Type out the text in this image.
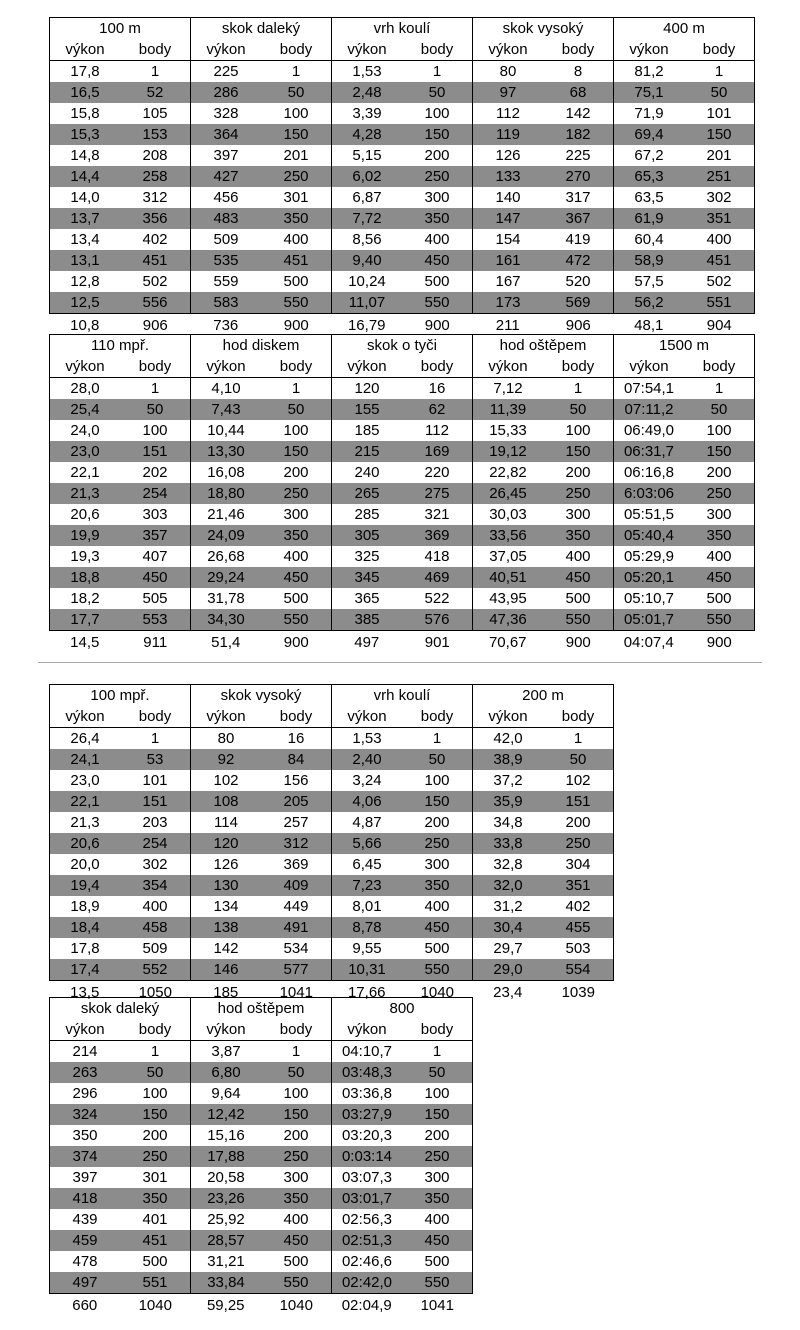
100 m		skok daleký		vrh koulí		skok vysoký		400 m	
výkon	body	výkon	body	výkon	body	výkon	body	výkon	body
17,8	1	225	1	1,53	1	80	8	81,2	1
16,5	52	286	50	2,48	50	97	68	75,1	50
15,8	105	328	100	3,39	100	112	142	71,9	101
15,3	153	364	150	4,28	150	119	182	69,4	150
14,8	208	397	201	5,15	200	126	225	67,2	201
14,4	258	427	250	6,02	250	133	270	65,3	251
14,0	312	456	301	6,87	300	140	317	63,5	302
13,7	356	483	350	7,72	350	147	367	61,9	351
13,4	402	509	400	8,56	400	154	419	60,4	400
13,1	451	535	451	9,40	450	161	472	58,9	451
12,8	502	559	500	10,24	500	167	520	57,5	502
12,5	556	583	550	11,07	550	173	569	56,2	551
10,8	906	736	900	16,79	900	211	906	48,1	904
110 mpř.		hod diskem		skok o tyči		hod oštěpem		1500 m	
výkon	body	výkon	body	výkon	body	výkon	body	výkon	body
28,0	1	4,10	1	120	16	7,12	1	07:54,1	1
25,4	50	7,43	50	155	62	11,39	50	07:11,2	50
24,0	100	10,44	100	185	112	15,33	100	06:49,0	100
23,0	151	13,30	150	215	169	19,12	150	06:31,7	150
22,1	202	16,08	200	240	220	22,82	200	06:16,8	200
21,3	254	18,80	250	265	275	26,45	250	6:03:06	250
20,6	303	21,46	300	285	321	30,03	300	05:51,5	300
19,9	357	24,09	350	305	369	33,56	350	05:40,4	350
19,3	407	26,68	400	325	418	37,05	400	05:29,9	400
18,8	450	29,24	450	345	469	40,51	450	05:20,1	450
18,2	505	31,78	500	365	522	43,95	500	05:10,7	500
17,7	553	34,30	550	385	576	47,36	550	05:01,7	550
14,5	911	51,4	900	497	901	70,67	900	04:07,4	900
100 mpř.		skok vysoký		vrh koulí		200 m	
výkon	body	výkon	body	výkon	body	výkon	body
26,4	1	80	16	1,53	1	42,0	1
24,1	53	92	84	2,40	50	38,9	50
23,0	101	102	156	3,24	100	37,2	102
22,1	151	108	205	4,06	150	35,9	151
21,3	203	114	257	4,87	200	34,8	200
20,6	254	120	312	5,66	250	33,8	250
20,0	302	126	369	6,45	300	32,8	304
19,4	354	130	409	7,23	350	32,0	351
18,9	400	134	449	8,01	400	31,2	402
18,4	458	138	491	8,78	450	30,4	455
17,8	509	142	534	9,55	500	29,7	503
17,4	552	146	577	10,31	550	29,0	554
13,5	1050	185	1041	17,66	1040	23,4	1039
skok daleký		hod oštěpem		800	
výkon	body	výkon	body	výkon	body
214	1	3,87	1	04:10,7	1
263	50	6,80	50	03:48,3	50
296	100	9,64	100	03:36,8	100
324	150	12,42	150	03:27,9	150
350	200	15,16	200	03:20,3	200
374	250	17,88	250	0:03:14	250
397	301	20,58	300	03:07,3	300
418	350	23,26	350	03:01,7	350
439	401	25,92	400	02:56,3	400
459	451	28,57	450	02:51,3	450
478	500	31,21	500	02:46,6	500
497	551	33,84	550	02:42,0	550
660	1040	59,25	1040	02:04,9	1041
